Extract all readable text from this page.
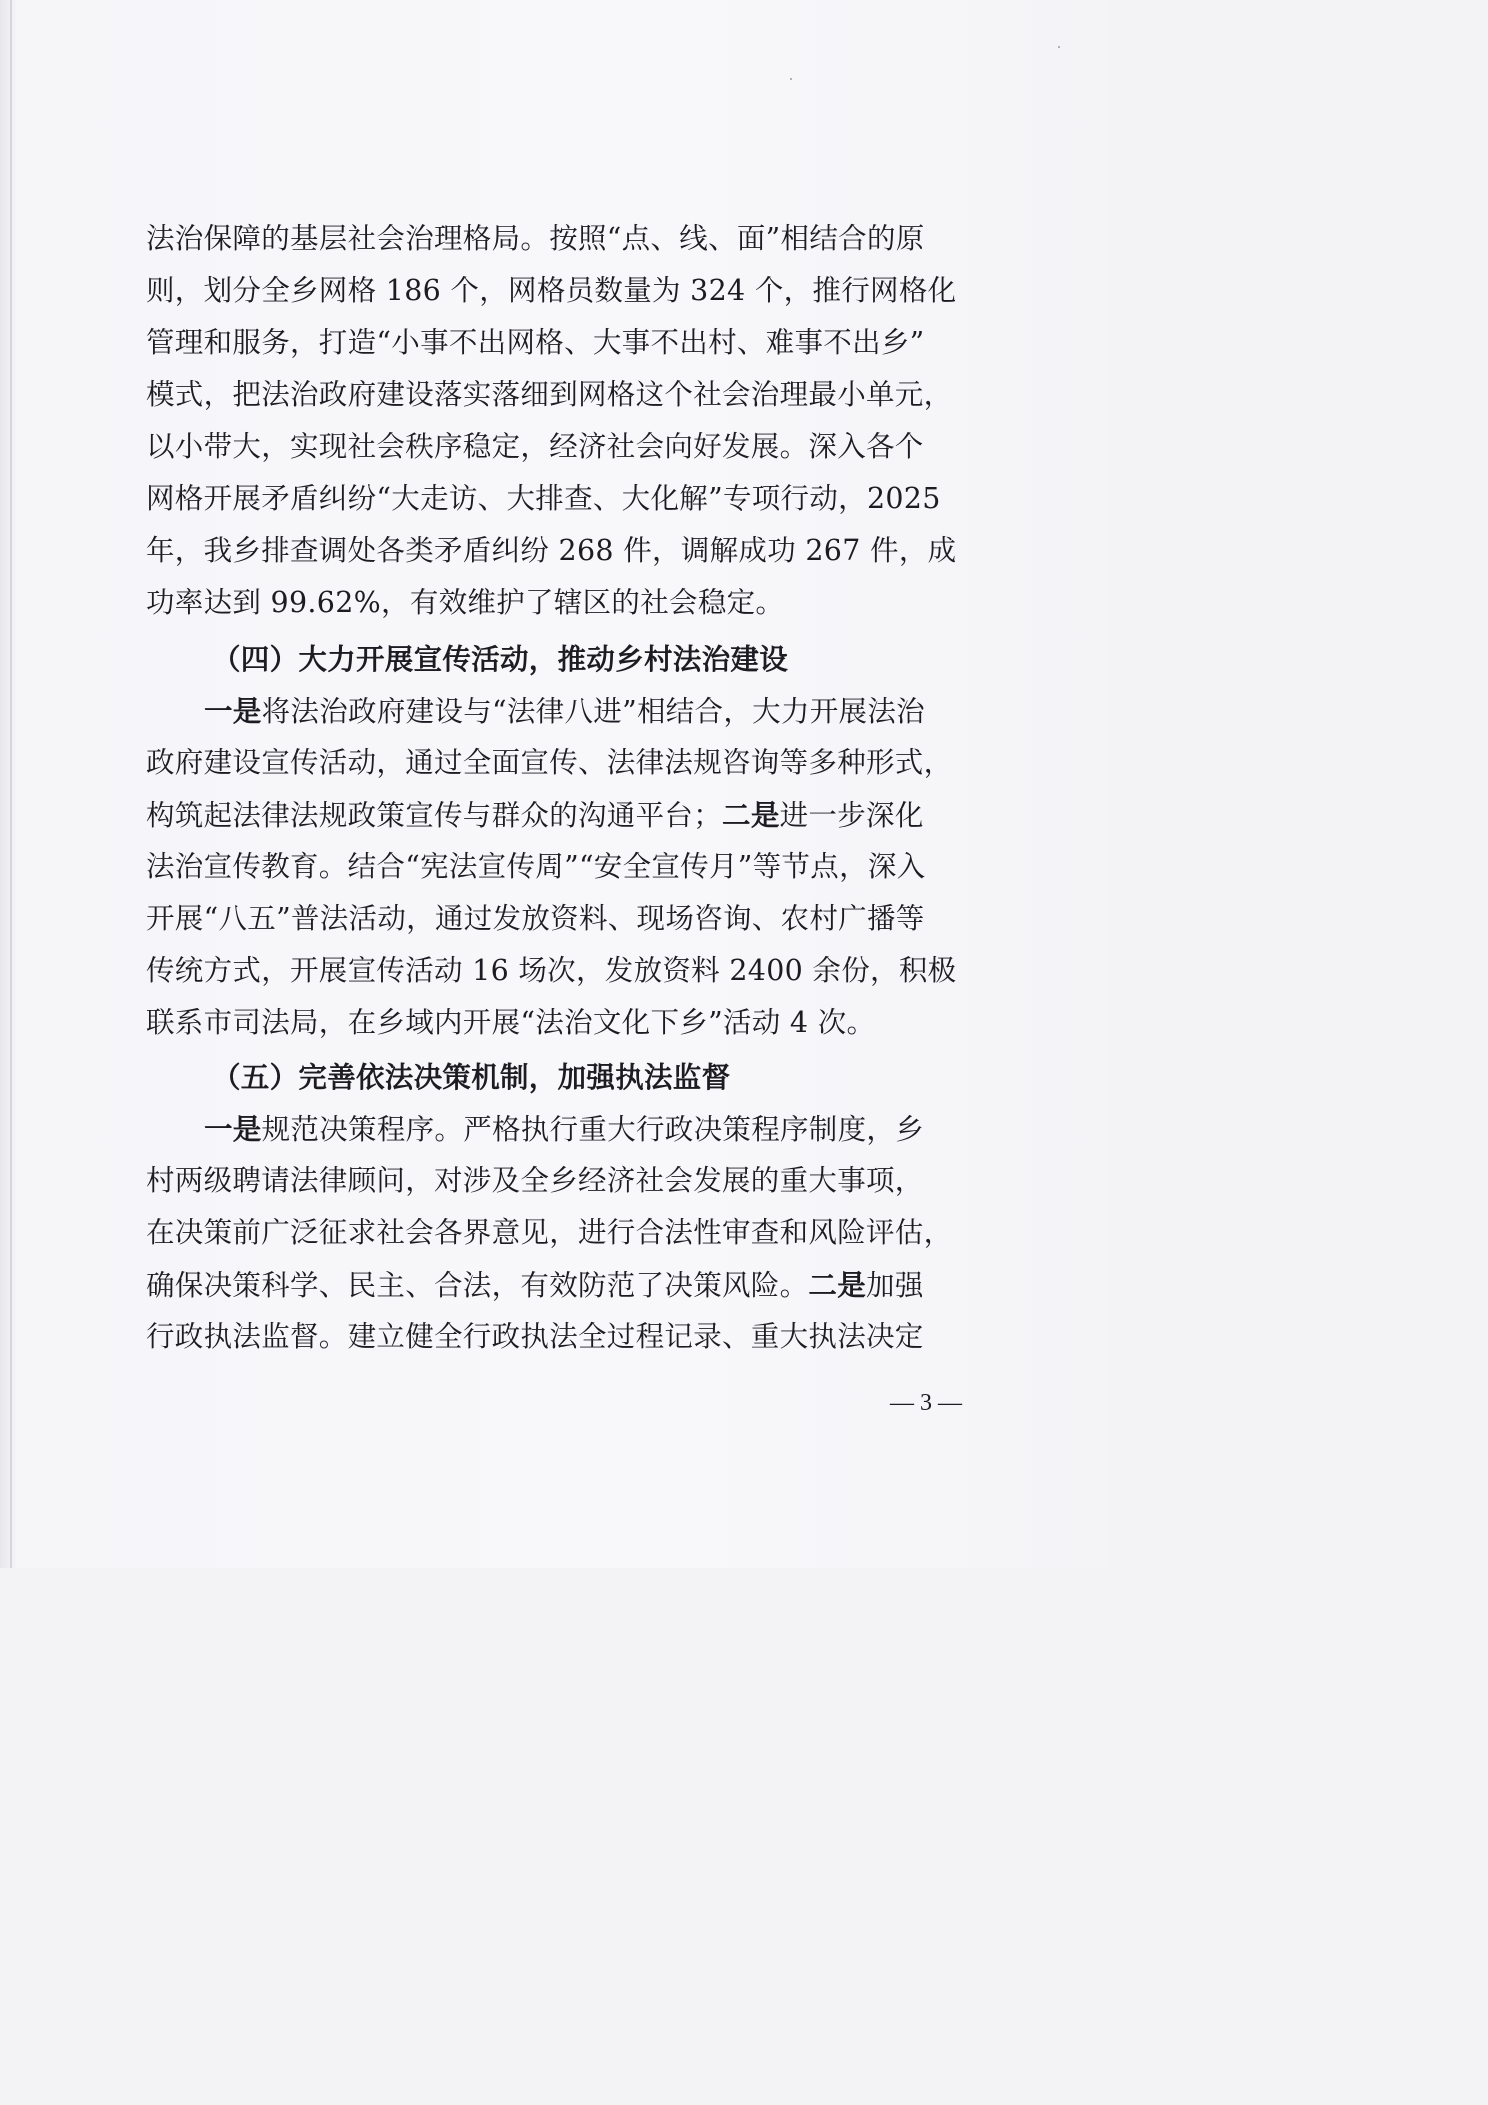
法治保障的基层社会治理格局。按照“点、线、面”相结合的原
则，划分全乡网格 186 个，网格员数量为 324 个，推行网格化
管理和服务，打造“小事不出网格、大事不出村、难事不出乡”
模式，把法治政府建设落实落细到网格这个社会治理最小单元，
以小带大，实现社会秩序稳定，经济社会向好发展。深入各个
网格开展矛盾纠纷“大走访、大排查、大化解”专项行动，2025
年，我乡排查调处各类矛盾纠纷 268 件，调解成功 267 件，成
功率达到 99.62%，有效维护了辖区的社会稳定。
（四）大力开展宣传活动，推动乡村法治建设
一是将法治政府建设与“法律八进”相结合，大力开展法治
政府建设宣传活动，通过全面宣传、法律法规咨询等多种形式，
构筑起法律法规政策宣传与群众的沟通平台；二是进一步深化
法治宣传教育。结合“宪法宣传周”“安全宣传月”等节点，深入
开展“八五”普法活动，通过发放资料、现场咨询、农村广播等
传统方式，开展宣传活动 16 场次，发放资料 2400 余份，积极
联系市司法局，在乡域内开展“法治文化下乡”活动 4 次。
（五）完善依法决策机制，加强执法监督
一是规范决策程序。严格执行重大行政决策程序制度，乡
村两级聘请法律顾问，对涉及全乡经济社会发展的重大事项，
在决策前广泛征求社会各界意见，进行合法性审查和风险评估，
确保决策科学、民主、合法，有效防范了决策风险。二是加强
行政执法监督。建立健全行政执法全过程记录、重大执法决定
— 3 —
